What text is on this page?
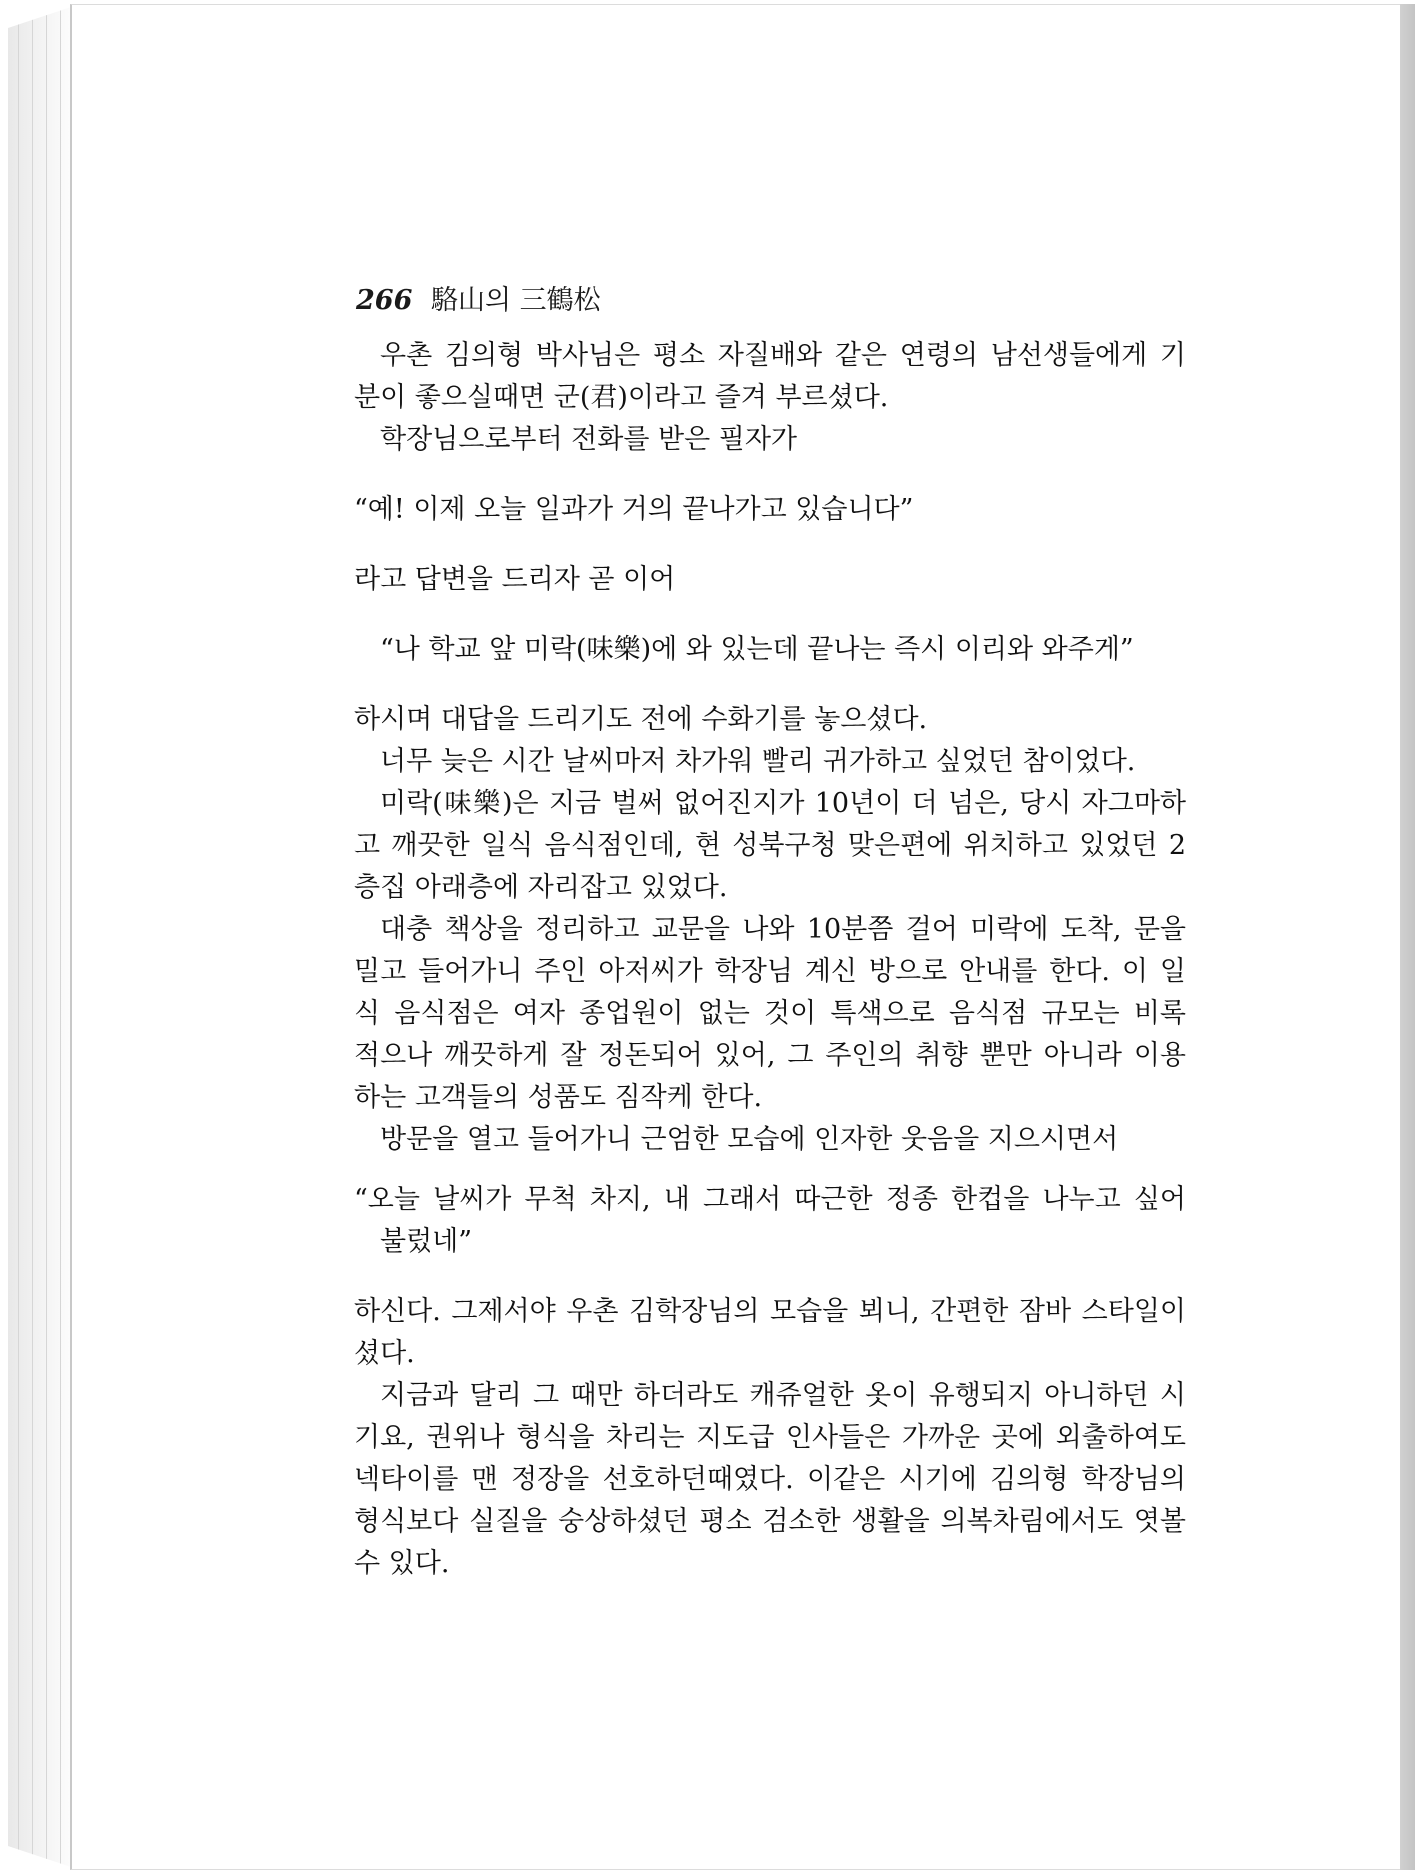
266 駱山의 三鶴松
우촌 김의형 박사님은 평소 자질배와 같은 연령의 남선생들에게 기
분이 좋으실때면 군(君)이라고 즐겨 부르셨다.
학장님으로부터 전화를 받은 필자가
“예! 이제 오늘 일과가 거의 끝나가고 있습니다”
라고 답변을 드리자 곧 이어
“나 학교 앞 미락(味樂)에 와 있는데 끝나는 즉시 이리와 와주게”
하시며 대답을 드리기도 전에 수화기를 놓으셨다.
너무 늦은 시간 날씨마저 차가워 빨리 귀가하고 싶었던 참이었다.
미락(味樂)은 지금 벌써 없어진지가 10년이 더 넘은, 당시 자그마하
고 깨끗한 일식 음식점인데, 현 성북구청 맞은편에 위치하고 있었던 2
층집 아래층에 자리잡고 있었다.
대충 책상을 정리하고 교문을 나와 10분쯤 걸어 미락에 도착, 문을
밀고 들어가니 주인 아저씨가 학장님 계신 방으로 안내를 한다. 이 일
식 음식점은 여자 종업원이 없는 것이 특색으로 음식점 규모는 비록
적으나 깨끗하게 잘 정돈되어 있어, 그 주인의 취향 뿐만 아니라 이용
하는 고객들의 성품도 짐작케 한다.
방문을 열고 들어가니 근엄한 모습에 인자한 웃음을 지으시면서
“오늘 날씨가 무척 차지, 내 그래서 따근한 정종 한컵을 나누고 싶어
불렀네”
하신다. 그제서야 우촌 김학장님의 모습을 뵈니, 간편한 잠바 스타일이
셨다.
지금과 달리 그 때만 하더라도 캐쥬얼한 옷이 유행되지 아니하던 시
기요, 권위나 형식을 차리는 지도급 인사들은 가까운 곳에 외출하여도
넥타이를 맨 정장을 선호하던때였다. 이같은 시기에 김의형 학장님의
형식보다 실질을 숭상하셨던 평소 검소한 생활을 의복차림에서도 엿볼
수 있다.
